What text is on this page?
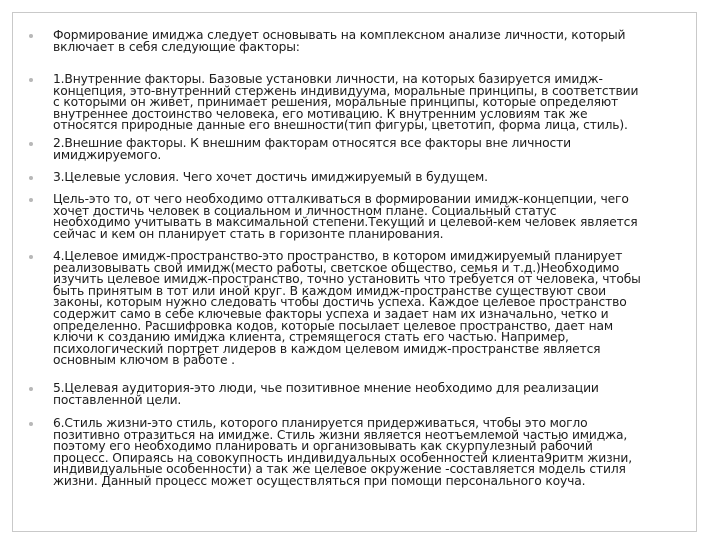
Формирование имиджа следует основывать на комплексном анализе личности, который
включает в себя следующие факторы:

1.Внутренние факторы. Базовые установки личности, на которых базируется имидж-
концепция, это-внутренний стержень индивидуума, моральные принципы, в соответствии
с которыми он живет, принимает решения, моральные принципы, которые определяют
внутреннее достоинство человека, его мотивацию. К внутренним условиям так же
относятся природные данные его внешности(тип фигуры, цветотип, форма лица, стиль).

2.Внешние факторы. К внешним факторам относятся все факторы вне личности
имиджируемого.

3.Целевые условия. Чего хочет достичь имиджируемый в будущем.

Цель-это то, от чего необходимо отталкиваться в формировании имидж-концепции, чего
хочет достичь человек в социальном и личностном плане. Социальный статус
необходимо учитывать в максимальной степени.Текущий и целевой-кем человек является
сейчас и кем он планирует стать в горизонте планирования.

4.Целевое имидж-пространство-это пространство, в котором имиджируемый планирует
реализовывать свой имидж(место работы, светское общество, семья и т.д.)Необходимо
изучить целевое имидж-пространство, точно установить что требуется от человека, чтобы
быть принятым в тот или иной круг. В каждом имидж-пространстве существуют свои
законы, которым нужно следовать чтобы достичь успеха. Каждое целевое пространство
содержит само в себе ключевые факторы успеха и задает нам их изначально, четко и
определенно. Расшифровка кодов, которые посылает целевое пространство, дает нам
ключи к созданию имиджа клиента, стремящегося стать его частью. Например,
психологический портрет лидеров в каждом целевом имидж-пространстве является
основным ключом в работе .

5.Целевая аудитория-это люди, чье позитивное мнение необходимо для реализации
поставленной цели.

6.Стиль жизни-это стиль, которого планируется придерживаться, чтобы это могло
позитивно отразиться на имидже. Стиль жизни является неотъемлемой частью имиджа,
поэтому его необходимо планировать и организовывать как скурпулезный рабочий
процесс. Опираясь на совокупность индивидуальных особенностей клиента9ритм жизни,
индивидуальные особенности) а так же целевое окружение -составляется модель стиля
жизни. Данный процесс может осуществляться при помощи персонального коуча.
